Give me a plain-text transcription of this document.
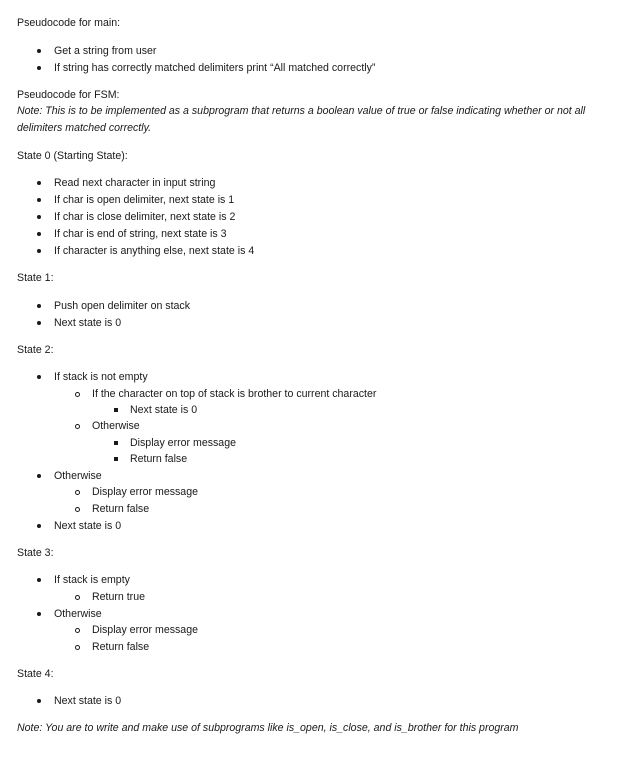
Pseudocode for main:
Get a string from user
If string has correctly matched delimiters print “All matched correctly”
Pseudocode for FSM:
Note: This is to be implemented as a subprogram that returns a boolean value of true or false indicating whether or not all
delimiters matched correctly.
State 0 (Starting State):
Read next character in input string
If char is open delimiter, next state is 1
If char is close delimiter, next state is 2
If char is end of string, next state is 3
If character is anything else, next state is 4
State 1:
Push open delimiter on stack
Next state is 0
State 2:
If stack is not empty
If the character on top of stack is brother to current character
Next state is 0
Otherwise
Display error message
Return false
Otherwise
Display error message
Return false
Next state is 0
State 3:
If stack is empty
Return true
Otherwise
Display error message
Return false
State 4:
Next state is 0
Note: You are to write and make use of subprograms like is_open, is_close, and is_brother for this program
